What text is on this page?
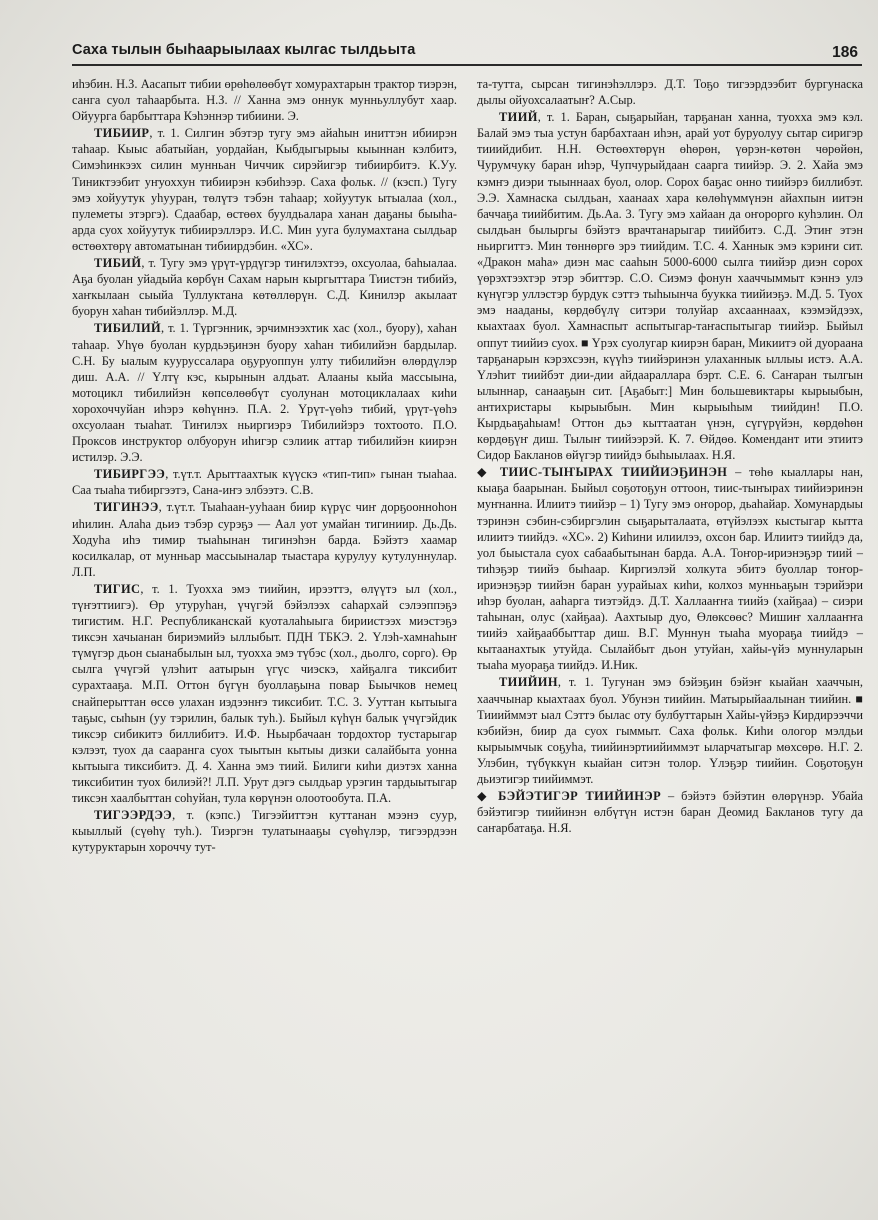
Саха тылын быһаарыылаах кылгас тылдьыта	186

иһэбин. Н.З. Аасапыт тибии өрөһөлөөбүт хомурахтарын трактор тиэрэн, санга суол таһаарбыта. Н.З. // Ханна эмэ оннук мунньуллубут хаар. Ойуурга барбыттара Кэһэннэр тибиини. Э.

ТИБИИР, т. 1. Силгин эбэтэр тугу эмэ айаһын иниттэн ибиирэн таһаар. Кыыс абатыйан, уордайан, Кыбдыгырыы кыыннан кэлбитэ, Симэһинкээх силин мунньан Чиччик сирэйигэр тибиирбитэ. К.Уу. Тиниктээбит уҥуоххун тибиирэн кэбиһээр. Саха фольк. // (кэсп.) Тугу эмэ хойуутук уһууран, төлүтэ тэбэн таһаар; хойуутук ытыалаа (хол., пулеметы этэргэ). Сдаабар, өстөөх буулдьалара ханан даҕаны быыһа-арда суох хойуутук тибиирэллэрэ. И.С. Мин ууга булумахтана сылдьар өстөөхтөрү автоматынан тибиирдэбин. «ХС».

ТИБИЙ, т. Тугу эмэ үрүт-үрдүгэр тиҥилэхтээ, охсуолаа, баһыалаа. Аҕа буолан уйадыйа көрбүн Сахам нарын кыргыттара Тиистэн тибийэ, хаҥкылаан сыыйа Туллуктана көтөллөрүн. С.Д. Кинилэр акылаат буорун хаһан тибийэллэр. М.Д.

ТИБИЛИЙ, т. 1. Түргэнник, эрчимнээхтик хас (хол., буору), хаһан таһаар. Уһүө буолан курдьэҕинэн буору хаһан тибилийэн бардылар. С.Н. Бу ыалым кууруссалара оҕуруоппун улту тибилийэн өлөрдүлэр диш. А.А. // Үлтү кэс, кырынын алдьат. Алааны кыйа массыына, мотоцикл тибилийэн көпсөлөөбүт суолунан мотоциклалаах киһи хорохоччуйан иһэрэ көһүннэ. П.А. 2. Үрүт-үөһэ тибий, үрүт-үөһэ охсуолаан тыаһат. Тиҥилэх ньиргиэрэ Тибилийэрэ тохтоото. П.О. Проксов инструктор олбуорун иһигэр сэлиик аттар тибилийэн киирэн истилэр. Э.Э.

ТИБИРГЭЭ, т.үт.т. Арыттаахтык күүскэ «тип-тип» гынан тыаһаа. Саа тыаһа тибиргээтэ, Сана-иҥэ элбээтэ. С.В.

ТИГИНЭЭ, т.үт.т. Тыаһаан-ууһаан биир күрүс чиҥ дорҕоонноһон иһилин. Алаһа дьиэ тэбэр сурэҕэ — Аал уот умайан тигиниир. Дь.Дь. Ходуһа иһэ тимир тыаһынан тигинэһэн барда. Бэйэтэ хаамар косилкалар, от мунньар массыыналар тыастара курулуу кутулуннулар. Л.П.

ТИГИС, т. 1. Туохха эмэ тиийин, ирээттэ, өлүүтэ ыл (хол., түҥэттиигэ). Өр утуруһан, үчүгэй бэйэлээх саһархай сэлээппэҕэ тигистим. Н.Г. Республиканскай куоталаһыыга бириистээх миэстэҕэ тиксэн хачыанан бириэмийэ ыллыбыт. ПДН ТБКЭ. 2. Үлэһ-хамнаһыҥ түмүгэр дьон сыанабылын ыл, туохха эмэ түбэс (хол., дьолго, сорго). Өр сылга үчүгэй үлэһит аатырын үгүс чиэскэ, хайҕалга тиксибит сурахтааҕа. М.П. Оттон бүгүн буоллаҕына повар Быычков немец снайперыттан өссө улахан иэдээнҥэ тиксибит. Т.С. 3. Ууттан кытыыга таҕыс, сыһын (уу тэрилин, балык туһ.). Быйыл күһүн балык үчүгэйдик тиксэр сибикитэ биллибитэ. И.Ф. Ньырбачаан тордохтор тустарыгар кэлээт, туох да сааранга суох тыытын кытыы дизки салайбыта уонна кытыыга тиксибитэ. Д. 4. Ханна эмэ тиий. Билиги киһи диэтэх ханна тиксибитин туох билиэй?! Л.П. Урут дэгэ сылдьар урэгин тардыытыгар тиксэн хаалбыттан соһуйан, тула көрүнэн олоотообута. П.А.

ТИГЭЭРДЭЭ, т. (кэпс.) Тигээйиттэн куттанан мээнэ суур, кыыллый (сүөһү туһ.). Тиэргэн тулатынааҕы сүөһүлэр, тигээрдээн кутуруктарын хороччу тут-

та-тутта, сырсан тигинэһэллэрэ. Д.Т. Тоҕо тигээрдээбит бургунаска дылы ойуохсалаатыҥ? А.Сыр.

ТИИЙ, т. 1. Баран, сыҕарыйан, тарҕанан ханна, туохха эмэ кэл. Балай эмэ тыа устун барбахтаан иһэн, арай уот буруолуу сытар сиригэр тииийдибит. Н.Н. Өстөөхтөрүн өһөрөн, үөрэн-көтөн чөрөйөн, Чурумчуку баран иһэр, Чупчурыйдаан саарга тиийэр. Э. 2. Хайа эмэ кэмҥэ диэри тыыннаах буол, олор. Сорох баҕас онно тиийэрэ биллибэт. Э.Э. Хамнаска сылдьан, хаанаах хара көлөһүммүнэн айахпын иитэн баччаҕа тиийбитим. Дь.Аа. 3. Тугу эмэ хайаан да оҥорорго куһэлин. Ол сылдьан былыргы бэйэтэ врачтанарыгар тиийбитэ. С.Д. Этиҥ этэн ньиргиттэ. Мин төннөргө эрэ тиийдим. Т.С. 4. Ханнык эмэ кэриҥи сит. «Дракон маһа» диэн мас сааһын 5000-6000 сылга тиийэр диэн сорох үөрэхтээхтэр этэр эбиттэр. С.О. Сиэмэ фонун хааччыммыт кэннэ улэ күнүгэр уллэстэр бурдук сэттэ тыһыынча буукка тиийиэҕэ. М.Д. 5. Туох эмэ нааданы, көрдөбүлү ситэри толуйар ахсааннаах, кээмэйдээх, кыахтаах буол. Хамнаспыт аспытыгар-таҥаспытыгар тиийэр. Быйыл оппут тиийиэ суох. ■ Үрэх суолугар киирэн баран, Микиитэ ой дуораана тарҕанарын кэрэхсээн, күүһэ тиийэринэн улаханнык ыллыы истэ. А.А. Үлэһит тиийбэт дии-дии айдаараллара бэрт. С.Е. 6. Саҥаран тылгын ылыннар, санааҕын сит. [Аҕабыт:] Мин большевиктары кырыыбын, антихристары кырыыбын. Мин кырыыһым тиийдин! П.О. Кырдьаҕаһыам! Оттон дьэ кыттаатан үнэн, сүгүрүйэн, көрдөһөн көрдөҕүҥ диш. Тылыҥ тиийээрэй. К. 7. Өйдөө. Комендант ити этиитэ Сидор Бакланов өйүгэр тиийдэ быһыылаах. Н.Я.

◆ ТИИС-ТЫҤЫРАХ ТИИЙИЭҔИНЭН – төһө кыаллары нан, кыаҕа баарынан. Быйыл соҕотоҕун оттоон, тиис-тыҥырах тиийиэринэн муҥнанна. Илиитэ тиийэр – 1) Тугу эмэ оҥорор, дьаһайар. Хомунардыы тэринэн сэбин-сэбиргэлин сыҕарыталаата, өтүйэлээх кыстыгар кытта илиитэ тиийдэ. «ХС». 2) Киһини илиилээ, охсон бар. Илиитэ тиийдэ да, уол быыстала суох сабаабытынан барда. А.А. Тоҥор-ириэнэҕэр тиий – тиһэҕэр тиийэ быһаар. Киргиэлэй холкута эбитэ буоллар тоҥор-ириэнэҕэр тиийэн баран уурайыах киһи, колхоз мунньаҕын тэрийэри иһэр буолан, ааһарга тиэтэйдэ. Д.Т. Халлааҥҥа тиийэ (хайҕаа) – сиэри таһынан, олус (хайҕаа). Аахтыыр дуо, Өлөксөөс? Мишиҥ халлааҥҥа тиийэ хайҕааббыттар диш. В.Г. Муннун тыаһа муораҕа тиийдэ – кытаанахтык утуйда. Сылайбыт дьон утуйан, хайы-үйэ муннуларын тыаһа муораҕа тиийдэ. И.Ник.

ТИИЙИН, т. 1. Тугунан эмэ бэйэҕин бэйэҥ кыайан хааччын, хааччынар кыахтаах буол. Убунэн тиийин. Матырыйаалынан тиийин. ■ Тииийммэт ыал Сэттэ былас оту булбуттарын Хайы-үйэҕэ Кирдирээччи кэбийэн, биир да суох гыммыт. Саха фольк. Киһи ологор мэлдьи кырыымчык соҕуһа, тиийинэртиийиммэт ыларчатыгар мөхсөрө. Н.Г. 2. Улэбин, түбүккүн кыайан ситэн толор. Үлэҕэр тиийин. Соҕотоҕун дьиэтигэр тиийиммэт.

◆ БЭЙЭТИГЭР ТИИЙИНЭР – бэйэтэ бэйэтин өлөрүнэр. Убайа бэйэтигэр тиийинэн өлбүтүн истэн баран Деомид Бакланов тугу да саҥарбатаҕа. Н.Я.
